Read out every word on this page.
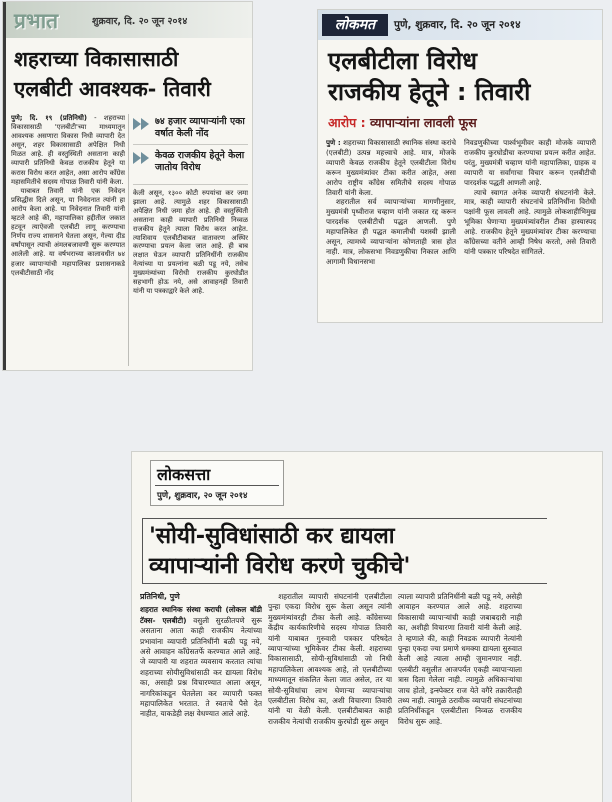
प्रभात	शुक्रवार, दि. २० जून २०१४
शहराच्या विकासासाठी
एलबीटी आवश्यक- तिवारी

पुणे; दि. १९ (प्रतिनिधी) - शहराच्या विकासासाठी 'एलबीटी'च्या माध्यमातून आवश्यक असणारा विकास निधी व्यापारी देत असून, शहर विकासासाठी अपेक्षित निधी मिळत आहे. ही वस्तुस्थिती असताना काही व्यापारी प्रतिनिधी केवळ राजकीय हेतूने या करास विरोध करत आहेत, असा आरोप काँग्रेस महासमितीचे सदस्य गोपाळ तिवारी यांनी केला.

याबाबत तिवारी यांनी एक निवेदन प्रसिद्धीस दिले असून, या निवेदनात त्यांनी हा आरोप केला आहे. या निवेदनात तिवारी यांनी म्हटले आहे की, महापालिका हद्दीतील जकात हटवून त्याऐवजी एलबीटी लागू करण्याचा निर्णय राज्य शासनाने घेतला असून, गेल्या दीड वर्षांपासून त्याची अंमलबजावणी सुरू करण्यात आलेली आहे. या वर्षभराच्या कालावधीत ७४ हजार व्यापाऱ्यांची महापालिका प्रशासनाकडे एलबीटीसाठी नोंद

७४ हजार व्यापाऱ्यांनी एका वर्षात केली नोंद
केवळ राजकीय हेतूने केला जातोय विरोध

केली असून, १३०० कोटी रुपयांचा कर जमा झाला आहे. त्यामुळे शहर विकासासाठी अपेक्षित निधी जमा होत आहे. ही वस्तुस्थिती असताना काही व्यापारी प्रतिनिधी निव्वळ राजकीय हेतूने त्याला विरोध करत आहेत. त्याशिवाय एलबीटीबाबत वातावरण अस्थिर करण्याचा प्रयत्न केला जात आहे. ही बाब लक्षात घेऊन व्यापारी प्रतिनिधींनी राजकीय नेत्यांच्या या प्रयत्नांना बळी पडू नये, तसेच मुख्यमंत्र्यांच्या विरोधी राजकीय कुरघोडीत सहभागी होऊ नये, असे आवाहनही तिवारी यांनी या पत्रकाद्वारे केले आहे.

लोकमत	पुणे, शुक्रवार, दि. २० जून २०१४
एलबीटीला विरोध
राजकीय हेतूने : तिवारी
आरोप : व्यापाऱ्यांना लावली फूस

पुणे : शहराच्या विकासासाठी स्थानिक संस्था करांचे (एलबीटी) उत्पन्न महत्त्वाचे आहे. मात्र, मोजके व्यापारी केवळ राजकीय हेतूने एलबीटीला विरोध करून मुख्यमंत्र्यांवर टीका करीत आहेत, असा आरोप राष्ट्रीय काँग्रेस समितीचे सदस्य गोपाळ तिवारी यांनी केला.

शहरातील सर्व व्यापाऱ्यांच्या मागणीनुसार, मुख्यमंत्री पृथ्वीराज चव्हाण यांनी जकात रद्द करून पारदर्शक एलबीटीची पद्धत आणली. पुणे महापालिकेत ही पद्धत कमालीची यशस्वी झाली असून, त्यामध्ये व्यापाऱ्यांना कोणताही त्रास होत नाही. मात्र, लोकसभा निवडणुकीचा निकाल आणि आगामी विधानसभा

निवडणुकीच्या पार्श्वभूमीवर काही मोजके व्यापारी राजकीय कुरघोडीचा करण्याचा प्रयत्न करीत आहेत. परंतु, मुख्यमंत्री चव्हाण यांनी महापालिका, ग्राहक व व्यापारी या सर्वांगाचा विचार करून एलबीटीची पारदर्शक पद्धती आणली आहे.

त्याचे स्वागत अनेक व्यापारी संघटनांनी केले. मात्र, काही व्यापारी संघटनांचे प्रतिनिधींना विरोधी पक्षांनी फूस लावली आहे. त्यामुळे लोकशाहीभिमुख भूमिका घेणाऱ्या मुख्यमंत्र्यांवरील टीका हास्यास्पद आहे. राजकीय हेतूने मुख्यमंत्र्यांवर टीका करण्याचा काँग्रेसच्या वतीने आम्ही निषेध करतो, असे तिवारी यांनी पत्रकार परिषदेत सांगितले.

लोकसत्ता
पुणे, शुक्रवार, २० जून २०१४
'सोयी-सुविधांसाठी कर द्यायला
व्यापाऱ्यांनी विरोध करणे चुकीचे'
प्रतिनिधी, पुणे

शहरात स्थानिक संस्था कराची (लोकल बॉडी टॅक्स- एलबीटी) वसुली सुरळीतपणे सुरू असताना आता काही राजकीय नेत्यांच्या प्रभावांना व्यापारी प्रतिनिधींनी बळी पडू नये, असे आवाहन काँग्रेसतर्फे करण्यात आले आहे. जे व्यापारी या शहरात व्यवसाय करतात त्यांचा शहराच्या सोयीसुविधांसाठी कर द्यायला विरोध का, असाही प्रश्न विचारण्यात आला असून, नागरिकांकडून घेतलेला कर व्यापारी फक्त महापालिकेत भरतात. ते स्वतःचे पैसे देत नाहीत, याकडेही लक्ष वेधण्यात आले आहे.

शहरातील व्यापारी संघटनांनी एलबीटीला पुन्हा एकदा विरोध सुरू केला असून त्यांनी मुख्यमंत्र्यांवरही टीका केली आहे. काँग्रेसच्या केंद्रीय कार्यकारिणीचे सदस्य गोपाळ तिवारी यांनी याबाबत गुरुवारी पत्रकार परिषदेत व्यापाऱ्यांच्या भूमिकेवर टीका केली. शहराच्या विकासासाठी, सोयी-सुविधांसाठी जो निधी महापालिकेला आवश्यक आहे, तो एलबीटीच्या माध्यमातून संकलित केला जात असेल, तर या सोयी-सुविधांचा लाभ घेणाऱ्या व्यापाऱ्यांचा एलबीटीला विरोध का, अशी विचारणा तिवारी यांनी या वेळी केली. एलबीटीबाबत काही राजकीय नेत्यांची राजकीय कुरघोडी सुरू असून

त्याला व्यापारी प्रतिनिधींनी बळी पडू नये, असेही आवाहन करण्यात आले आहे. शहराच्या विकासाची व्यापाऱ्यांची काही जबाबदारी नाही का, अशीही विचारणा तिवारी यांनी केली आहे. ते म्हणाले की, काही निवडक व्यापारी नेत्यांनी पुन्हा एकदा ज्या प्रमाणे धमक्या द्यायला सुरुवात केली आहे त्याला आम्ही जुमानणार नाही. एलबीटी वसुलीत आजपर्यंत एकही व्यापाऱ्याला त्रास दिला गेलेला नाही. त्यामुळे अधिकाऱ्यांचा जाच होतो, इन्स्पेक्टर राज येते वगैरे तक्रारीतही तथ्य नाही. त्यामुळे ठरावीक व्यापारी संघटनांच्या प्रतिनिधींकडून एलबीटीला निव्वळ राजकीय विरोध सुरू आहे.
